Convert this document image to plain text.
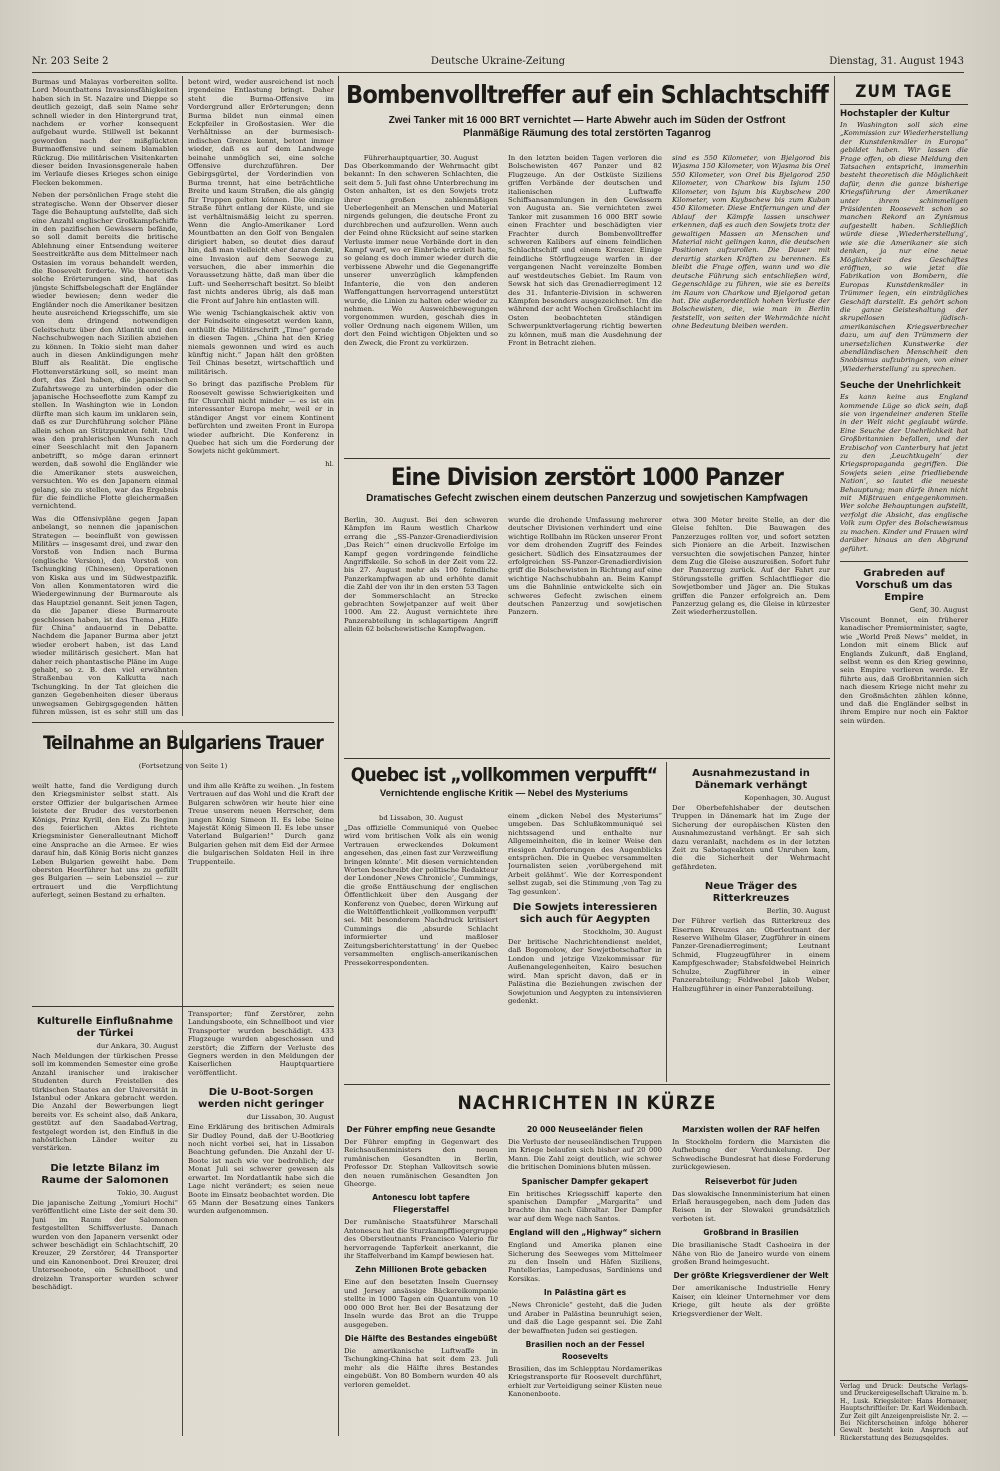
Nr. 203 Seite 2	Deutsche Ukraine-Zeitung	Dienstag, 31. August 1943

Burmas und Malayas vorbereiten sollte. Lord Mountbattens Invasionsfähigkeiten haben sich in St. Nazaire und Dieppe so deutlich gezeigt, daß sein Name sehr schnell wieder in den Hintergrund trat, nachdem er vorher konsequent aufgebaut wurde. Stillwell ist bekannt geworden nach der mißglückten Burmaoffensive und seinem blamablen Rückzug. Die militärischen Visitenkarten dieser beiden Invasionsgenerale haben im Verlaufe dieses Krieges schon einige Flecken bekommen.

Neben der persönlichen Frage steht die strategische. Wenn der Observer dieser Tage die Behauptung aufstellte, daß sich eine Anzahl englischer Großkampfschiffe in den pazifischen Gewässern befände, so soll damit bereits die britische Ablehnung einer Entsendung weiterer Seestreitkräfte aus dem Mittelmeer nach Ostasien im voraus behandelt werden, die Roosevelt forderte. Wie theoretisch solche Erörterungen sind, hat das jüngste Schiffsbelegschaft der Engländer wieder bewiesen; denn weder die Engländer noch die Amerikaner besitzen heute ausreichend Kriegsschiffe, um sie von dem dringend notwendigen Geleitschutz über den Atlantik und den Nachschubwegen nach Sizilien abziehen zu können. In Tokio sieht man daher auch in diesen Ankündigungen mehr Bluff als Realität. Die englische Flottenverstärkung soll, so meint man dort, das Ziel haben, die japanischen Zufahrtswege zu unterbinden oder die japanische Hochseeflotte zum Kampf zu stellen. In Washington wie in London dürfte man sich kaum im unklaren sein, daß es zur Durchführung solcher Pläne allein schon an Stützpunkten fehlt. Und was den prahlerischen Wunsch nach einer Seeschlacht mit den Japanern anbetrifft, so möge daran erinnert werden, daß sowohl die Engländer wie die Amerikaner stets ausweichen, versuchten. Wo es den Japanern einmal gelang, sie zu stellen, war das Ergebnis für die feindliche Flotte gleichermaßen vernichtend.

Was die Offensivpläne gegen Japan anbelangt, so nennen die japanischen Strategen — beeinflußt von gewissen Militärs — insgesamt drei, und zwar den Vorstoß von Indien nach Burma (englische Version), den Vorstoß von Tschungking (Chinesen), Operationen von Kiska aus und im Südwestpazifik. Von allen Kommentatoren wird die Wiedergewinnung der Burmaroute als das Hauptziel genannt. Seit jenen Tagen, da die Japaner diese Burmaroute geschlossen haben, ist das Thema „Hilfe für China“ andauernd in Debatte. Nachdem die Japaner Burma aber jetzt wieder erobert haben, ist das Land wieder militärisch gesichert. Man hat daher reich phantastische Pläne im Auge gehabt, so z. B. den viel erwähnten Straßenbau von Kalkutta nach Tschungking. In der Tat gleichen die ganzen Gegebenheiten dieser überaus unwegsamen Gebirgsgegenden hätten führen müssen, ist es sehr still um das

betont wird, weder ausreichend ist noch irgendeine Entlastung bringt. Daher steht die Burma-Offensive im Vordergrund aller Erörterungen; denn Burma bildet nun einmal einen Eckpfeiler in Großostasien. Wer die Verhältnisse an der burmesisch-indischen Grenze kennt, betont immer wieder, daß es auf dem Landwege beinahe unmöglich sei, eine solche Offensive durchzuführen. Der Gebirgsgürtel, der Vorderindien von Burma trennt, hat eine beträchtliche Breite und kaum Straßen, die als gängig für Truppen gelten können. Die einzige Straße führt entlang der Küste, und sie ist verhältnismäßig leicht zu sperren. Wenn die Anglo-Amerikaner Lord Mountbatten an den Golf von Bengalen dirigiert haben, so deutet dies darauf hin, daß man vielleicht eher daran denkt, eine Invasion auf dem Seewege zu versuchen, die aber immerhin die Voraussetzung hätte, daß man über die Luft- und Seeherrschaft besitzt. So bleibt fast nichts anderes übrig, als daß man die Front auf Jahre hin entlasten will.

Wie wenig Tschiangkaischek aktiv von der Feindseite eingesetzt werden kann, enthüllt die Militärschrift „Time“ gerade in diesen Tagen. „China hat den Krieg niemals gewonnen und wird es auch künftig nicht.“ Japan hält den größten Teil Chinas besetzt, wirtschaftlich und militärisch.

So bringt das pazifische Problem für Roosevelt gewisse Schwierigkeiten und für Churchill nicht minder — es ist ein interessanter Europa mehr, weil er in ständiger Angst vor einem Kontinent befürchten und zweiten Front in Europa wieder aufbricht. Die Konferenz in Quebec hat sich um die Forderung der Sowjets nicht gekümmert.

hl.

Teilnahme an Bulgariens Trauer
(Fortsetzung von Seite 1)

weilt hatte, fand die Verdigung durch den Kriegsminister selbst statt. Als erster Offizier der bulgarischen Armee leistete der Bruder des verstorbenen Königs, Prinz Kyrill, den Eid. Zu Beginn des feierlichen Aktes richtete Kriegsminister Generalleutnant Michoff eine Ansprache an die Armee. Er wies darauf hin, daß König Boris nicht ganzes Leben Bulgarien geweiht habe. Dem obersten Heerführer hat uns zu gefüllt ges Bulgarien — sein Lebensziel — zur ertrauert und die Verpflichtung auferlegt, seinen Bestand zu erhalten.

und ihm alle Kräfte zu weihen. „In festem Vertrauen auf das Wohl und die Kraft der Bulgaren schwören wir heute hier eine Treue unserem neuen Herrscher, dem jungen König Simeon II. Es lebe Seine Majestät König Simeon II. Es lebe unser Vaterland Bulgarien!“ Durch ganz Bulgarien gehen mit dem Eid der Armee die bulgarischen Soldaten Heil in ihre Truppenteile.

Kulturelle Einflußnahme der Türkei
dur Ankara, 30. August

Nach Meldungen der türkischen Presse soll im kommenden Semester eine große Anzahl iranischer und irakischer Studenten durch Freistellen des türkischen Staates an der Universität in Istanbul oder Ankara gebracht werden. Die Anzahl der Bewerbungen liegt bereits vor. Es scheint also, daß Ankara, gestützt auf den Saadabad-Vertrag, festgelegt worden ist, den Einfluß in die nahöstlichen Länder weiter zu verstärken.

Die letzte Bilanz im Raume der Salomonen
Tokio, 30. August

Die japanische Zeitung „Yomiuri Hochi“ veröffentlicht eine Liste der seit dem 30. Juni im Raum der Salomonen festgestellten Schiffsverluste. Danach wurden von den Japanern versenkt oder schwer beschädigt ein Schlachtschiff, 20 Kreuzer, 29 Zerstörer, 44 Transporter und ein Kanonenboot. Drei Kreuzer, drei Unterseeboote, ein Schnellboot und dreizehn Transporter wurden schwer beschädigt.

Transporter; fünf Zerstörer, zehn Landungsboote, ein Schnellboot und vier Transporter wurden beschädigt. 433 Flugzeuge wurden abgeschossen und zerstört; die Ziffern der Verluste des Gegners werden in den Meldungen der Kaiserlichen Hauptquartiere veröffentlicht.

Die U-Boot-Sorgen werden nicht geringer
dur Lissabon, 30. August

Eine Erklärung des britischen Admirals Sir Dudley Pound, daß der U-Bootkrieg noch nicht vorbei sei, hat in Lissabon Beachtung gefunden. Die Anzahl der U-Boote ist nach wie vor bedrohlich; der Monat Juli sei schwerer gewesen als erwartet. Im Nordatlantik habe sich die Lage nicht verändert; es seien neue Boote im Einsatz beobachtet worden. Die 65 Mann der Besatzung eines Tankers wurden aufgenommen.

Bombenvolltreffer auf ein Schlachtschiff
Zwei Tanker mit 16 000 BRT vernichtet — Harte Abwehr auch im Süden der Ostfront
Planmäßige Räumung des total zerstörten Taganrog
Führerhauptquartier, 30. August

Das Oberkommando der Wehrmacht gibt bekannt: In den schweren Schlachten, die seit dem 5. Juli fast ohne Unterbrechung im Osten anhalten, ist es den Sowjets trotz ihrer großen zahlenmäßigen Ueberlegenheit an Menschen und Material nirgends gelungen, die deutsche Front zu durchbrechen und aufzurollen. Wenn auch der Feind ohne Rücksicht auf seine starken Verluste immer neue Verbände dort in den Kampf warf, wo er Einbrüche erzielt hatte, so gelang es doch immer wieder durch die verbissene Abwehr und die Gegenangriffe unserer unverzüglich kämpfenden Infanterie, die von den anderen Waffengattungen hervorragend unterstützt wurde, die Linien zu halten oder wieder zu nehmen. Wo Ausweichbewegungen vorgenommen wurden, geschah dies in voller Ordnung nach eigenem Willen, um dort den Feind wichtigen Objekten und so den Zweck, die Front zu verkürzen.

In den letzten beiden Tagen verloren die Bolschewisten 467 Panzer und 82 Flugzeuge. An der Ostküste Siziliens griffen Verbände der deutschen und italienischen Luftwaffe Schiffsansammlungen in den Gewässern von Augusta an. Sie vernichteten zwei Tanker mit zusammen 16 000 BRT sowie einen Frachter und beschädigten vier Frachter durch Bombenvolltreffer schweren Kalibers auf einem feindlichen Schlachtschiff und einem Kreuzer. Einige feindliche Störflugzeuge warfen in der vergangenen Nacht vereinzelte Bomben auf westdeutsches Gebiet. Im Raum von Sewsk hat sich das Grenadierregiment 12 des 31. Infanterie-Division in schweren Kämpfen besonders ausgezeichnet. Um die während der acht Wochen Großschlacht im Osten beobachteten ständigen Schwerpunktverlagerung richtig bewerten zu können, muß man die Ausdehnung der Front in Betracht ziehen.

sind es 550 Kilometer, von Bjelgorod bis Wjasma 150 Kilometer, von Wjasma bis Orel 550 Kilometer, von Orel bis Bjelgorod 250 Kilometer, von Charkow bis Isjum 150 Kilometer, von Isjum bis Kuybschew 200 Kilometer, vom Kuybschew bis zum Kuban 450 Kilometer. Diese Entfernungen und der Ablauf der Kämpfe lassen unschwer erkennen, daß es auch den Sowjets trotz der gewaltigen Massen an Menschen und Material nicht gelingen kann, die deutschen Positionen aufzurollen. Die Dauer mit derartig starken Kräften zu berennen. Es bleibt die Frage offen, wann und wo die deutsche Führung sich entschließen wird, Gegenschläge zu führen, wie sie es bereits im Raum von Charkow und Bjelgorod getan hat. Die außerordentlich hohen Verluste der Bolschewisten, die, wie man in Berlin feststellt, von seiten der Wehrmächte nicht ohne Bedeutung bleiben werden.

Eine Division zerstört 1000 Panzer
Dramatisches Gefecht zwischen einem deutschen Panzerzug und sowjetischen Kampfwagen

Berlin, 30. August. Bei den schweren Kämpfen im Raum westlich Charkow errang die „SS-Panzer-Grenadierdivision ‚Das Reich‘“ einen druckvolle Erfolge im Kampf gegen vordringende feindliche Angriffskeile. So schoß in der Zeit vom 22. bis 27. August mehr als 100 feindliche Panzerkampfwagen ab und erhöhte damit die Zahl der von ihr in den ersten 53 Tagen der Sommerschlacht an Strecke gebrachten Sowjetpanzer auf weit über 1000. Am 22. August vernichtete ihre Panzerabteilung in schlagartigem Angriff allein 62 bolschewistische Kampfwagen.

wurde die drohende Umfassung mehrerer deutscher Divisionen verhindert und eine wichtige Rollbahn im Rücken unserer Front vor dem drohenden Zugriff des Feindes gesichert. Südlich des Einsatzraumes der erfolgreichen SS-Panzer-Grenadierdivision griff die Bolschewisten in Richtung auf eine wichtige Nachschubbahn an. Beim Kampf um die Bahnlinie entwickelte sich ein schweres Gefecht zwischen einem deutschen Panzerzug und sowjetischen Panzern.

etwa 300 Meter breite Stelle, an der die Gleise fehlten. Die Bauwagen des Panzerzuges rollten vor, und sofort setzten sich Pioniere an die Arbeit. Inzwischen versuchten die sowjetischen Panzer, hinter dem Zug die Gleise auszureißen. Sofort fuhr der Panzerzug zurück. Auf der Fahrt zur Störungsstelle griffen Schlachtflieger die Sowjetbomber und Jäger an. Die Stukas griffen die Panzer erfolgreich an. Dem Panzerzug gelang es, die Gleise in kürzester Zeit wiederherzustellen.

Quebec ist „vollkommen verpufft“
Vernichtende englische Kritik — Nebel des Mysteriums
bd Lissabon, 30. August

„Das offizielle Communiqué von Quebec wird vom britischen Volk als ein wenig Vertrauen erweckendes Dokument angesehen, das ‚einen fast zur Verzweiflung bringen könnte‘. Mit diesen vernichtenden Worten beschreibt der politische Redakteur der Londoner ‚News Chronicle‘, Cummings, die große Enttäuschung der englischen Öffentlichkeit über den Ausgang der Konferenz von Quebec, deren Wirkung auf die Weltöffentlichkeit ‚vollkommen verpufft‘ sei. Mit besonderem Nachdruck kritisiert Cummings die ‚absurde Schlacht informierter und maßloser Zeitungsberichterstattung‘ in der Quebec versammelten englisch-amerikanischen Pressekorrespondenten.

einem „dicken Nebel des Mysteriums“ umgeben. Das Schlußkommuniqué sei nichtssagend und enthalte nur Allgemeinheiten, die in keiner Weise den riesigen Anforderungen des Augenblicks entsprächen. Die in Quebec versammelten Journalisten seien ‚vorübergehend mit Arbeit gelähmt‘. Wie der Korrespondent selbst zugab, sei die Stimmung ‚von Tag zu Tag gesunken‘.

Die Sowjets interessieren sich auch für Aegypten
Stockholm, 30. August

Der britische Nachrichtendienst meldet, daß Bogomolow, der Sowjetbotschafter in London und jetzige Vizekommissar für Außenangelegenheiten, Kairo besuchen wird. Man spricht davon, daß er in Palästina die Beziehungen zwischen der Sowjetunion und Aegypten zu intensivieren gedenkt.

Ausnahmezustand in Dänemark verhängt
Kopenhagen, 30. August

Der Oberbefehlshaber der deutschen Truppen in Dänemark hat im Zuge der Sicherung der europäischen Küsten den Ausnahmezustand verhängt. Er sah sich dazu veranlaßt, nachdem es in der letzten Zeit zu Sabotageakten und Unruhen kam, die die Sicherheit der Wehrmacht gefährdeten.

Neue Träger des Ritterkreuzes
Berlin, 30. August

Der Führer verlieh das Ritterkreuz des Eisernen Kreuzes an: Oberleutnant der Reserve Wilhelm Glaser, Zugführer in einem Panzer-Grenadierregiment; Leutnant Schmid, Flugzeugführer in einem Kampfgeschwader; Stabsfeldwebel Heinrich Schulze, Zugführer in einer Panzerabteilung; Feldwebel Jakob Weber, Halbzugführer in einer Panzerabteilung.

NACHRICHTEN IN KÜRZE
Der Führer empfing neue Gesandte

Der Führer empfing in Gegenwart des Reichsaußenministers den neuen rumänischen Gesandten in Berlin, Professor Dr. Stephan Valkovitsch sowie den neuen rumänischen Gesandten Jon Gheorge.

Antonescu lobt tapfere Fliegerstaffel

Der rumänische Staatsführer Marschall Antonescu hat die Sturzkampffliegergruppe des Oberstleutnants Francisco Valerio für hervorragende Tapferkeit anerkannt, die ihr Staffelverband im Kampf bewiesen hat.

Zehn Millionen Brote gebacken

Eine auf den besetzten Inseln Guernsey und Jersey ansässige Bäckereikompanie stellte in 1000 Tagen ein Quantum von 10 000 000 Brot her. Bei der Besatzung der Inseln wurde das Brot an die Truppe ausgegeben.

Die Hälfte des Bestandes eingebüßt

Die amerikanische Luftwaffe in Tschungking-China hat seit dem 23. Juli mehr als die Hälfte ihres Bestandes eingebüßt. Von 80 Bombern wurden 40 als verloren gemeldet.

20 000 Neuseeländer fielen

Die Verluste der neuseeländischen Truppen im Kriege belaufen sich bisher auf 20 000 Mann. Die Zahl zeigt deutlich, wie schwer die britischen Dominions bluten müssen.

Spanischer Dampfer gekapert

Ein britisches Kriegsschiff kaperte den spanischen Dampfer „Margarita“ und brachte ihn nach Gibraltar. Der Dampfer war auf dem Wege nach Santos.

England will den „Highway“ sichern

England und Amerika planen eine Sicherung des Seeweges vom Mittelmeer zu den Inseln und Häfen Siziliens, Pantellerias, Lampedusas, Sardiniens und Korsikas.

In Palästina gärt es

„News Chronicle“ gesteht, daß die Juden und Araber in Palästina beunruhigt seien, und daß die Lage gespannt sei. Die Zahl der bewaffneten Juden sei gestiegen.

Brasilien noch an der Fessel Roosevelts

Brasilien, das im Schlepptau Nordamerikas Kriegstransporte für Roosevelt durchführt, erhielt zur Verteidigung seiner Küsten neue Kanonenboote.

Marxisten wollen der RAF helfen

In Stockholm fordern die Marxisten die Aufhebung der Verdunkelung. Der Schwedische Bundesrat hat diese Forderung zurückgewiesen.

Reiseverbot für Juden

Das slowakische Innenministerium hat einen Erlaß herausgegeben, nach dem Juden das Reisen in der Slowakei grundsätzlich verboten ist.

Großbrand in Brasilien

Die brasilianische Stadt Cashoeira in der Nähe von Rio de Janeiro wurde von einem großen Brand heimgesucht.

Der größte Kriegsverdiener der Welt

Der amerikanische Industrielle Henry Kaiser, ein kleiner Unternehmer vor dem Kriege, gilt heute als der größte Kriegsverdiener der Welt.

ZUM TAGE
Hochstapler der Kultur

In Washington soll sich eine „Kommission zur Wiederherstellung der Kunstdenkmäler in Europa“ gebildet haben. Wir lassen die Frage offen, ob diese Meldung den Tatsachen entspricht, immerhin besteht theoretisch die Möglichkeit dafür, denn die ganze bisherige Kriegsführung der Amerikaner unter ihrem schimmeligen Präsidenten Roosevelt schon so manchen Rekord an Zynismus aufgestellt haben. Schließlich würde diese ‚Wiederherstellung‘, wie sie die Amerikaner sie sich denken, ja nur eine neue Möglichkeit des Geschäftes eröffnen, so wie jetzt die Fabrikation von Bombern, die Europas Kunstdenkmäler in Trümmer legen, ein einträgliches Geschäft darstellt. Es gehört schon die ganze Geisteshaltung der skrupellosen jüdisch-amerikanischen Kriegsverbrecher dazu, um auf den Trümmern der unersetzlichen Kunstwerke der abendländischen Menschheit den Snobismus aufzubringen, von einer ‚Wiederherstellung‘ zu sprechen.

Seuche der Unehrlichkeit

Es kann keine aus England kommende Lüge so dick sein, daß sie von irgendeiner anderen Stelle in der Welt nicht geglaubt würde. Eine Seuche der Unehrlichkeit hat Großbritannien befallen, und der Erzbischof von Canterbury hat jetzt zu den ‚Leuchtkugeln‘ der Kriegspropaganda gegriffen. Die Sowjets seien ‚eine friedliebende Nation‘, so lautet die neueste Behauptung; man dürfe ihnen nicht mit Mißtrauen entgegenkommen. Wer solche Behauptungen aufstellt, verfolgt die Absicht, das englische Volk zum Opfer des Bolschewismus zu machen. Kinder und Frauen wird darüber hinaus an den Abgrund geführt.

Grabreden auf Vorschuß um das Empire
Genf, 30. August

Viscount Bonnet, ein früherer kanadischer Premierminister, sagte, wie „World Preß News“ meldet, in London mit einem Blick auf Englands Zukunft, daß England, selbst wenn es den Krieg gewinne, sein Empire verlieren werde. Er führte aus, daß Großbritannien sich nach diesem Kriege nicht mehr zu den Großmächten zählen könne, und daß die Engländer selbst in ihrem Empire nur noch ein Faktor sein würden.

Verlag und Druck: Deutsche Verlags- und Druckereigesellschaft Ukraine m. b. H., Lusk. Kriegsleiter: Hans Hornauer, Hauptschriftleiter: Dr. Karl Weidenbach. Zur Zeit gilt Anzeigenpreisliste Nr. 2. — Bei Nichterscheinen infolge höherer Gewalt besteht kein Anspruch auf Rückerstattung des Bezugsgeldes.
